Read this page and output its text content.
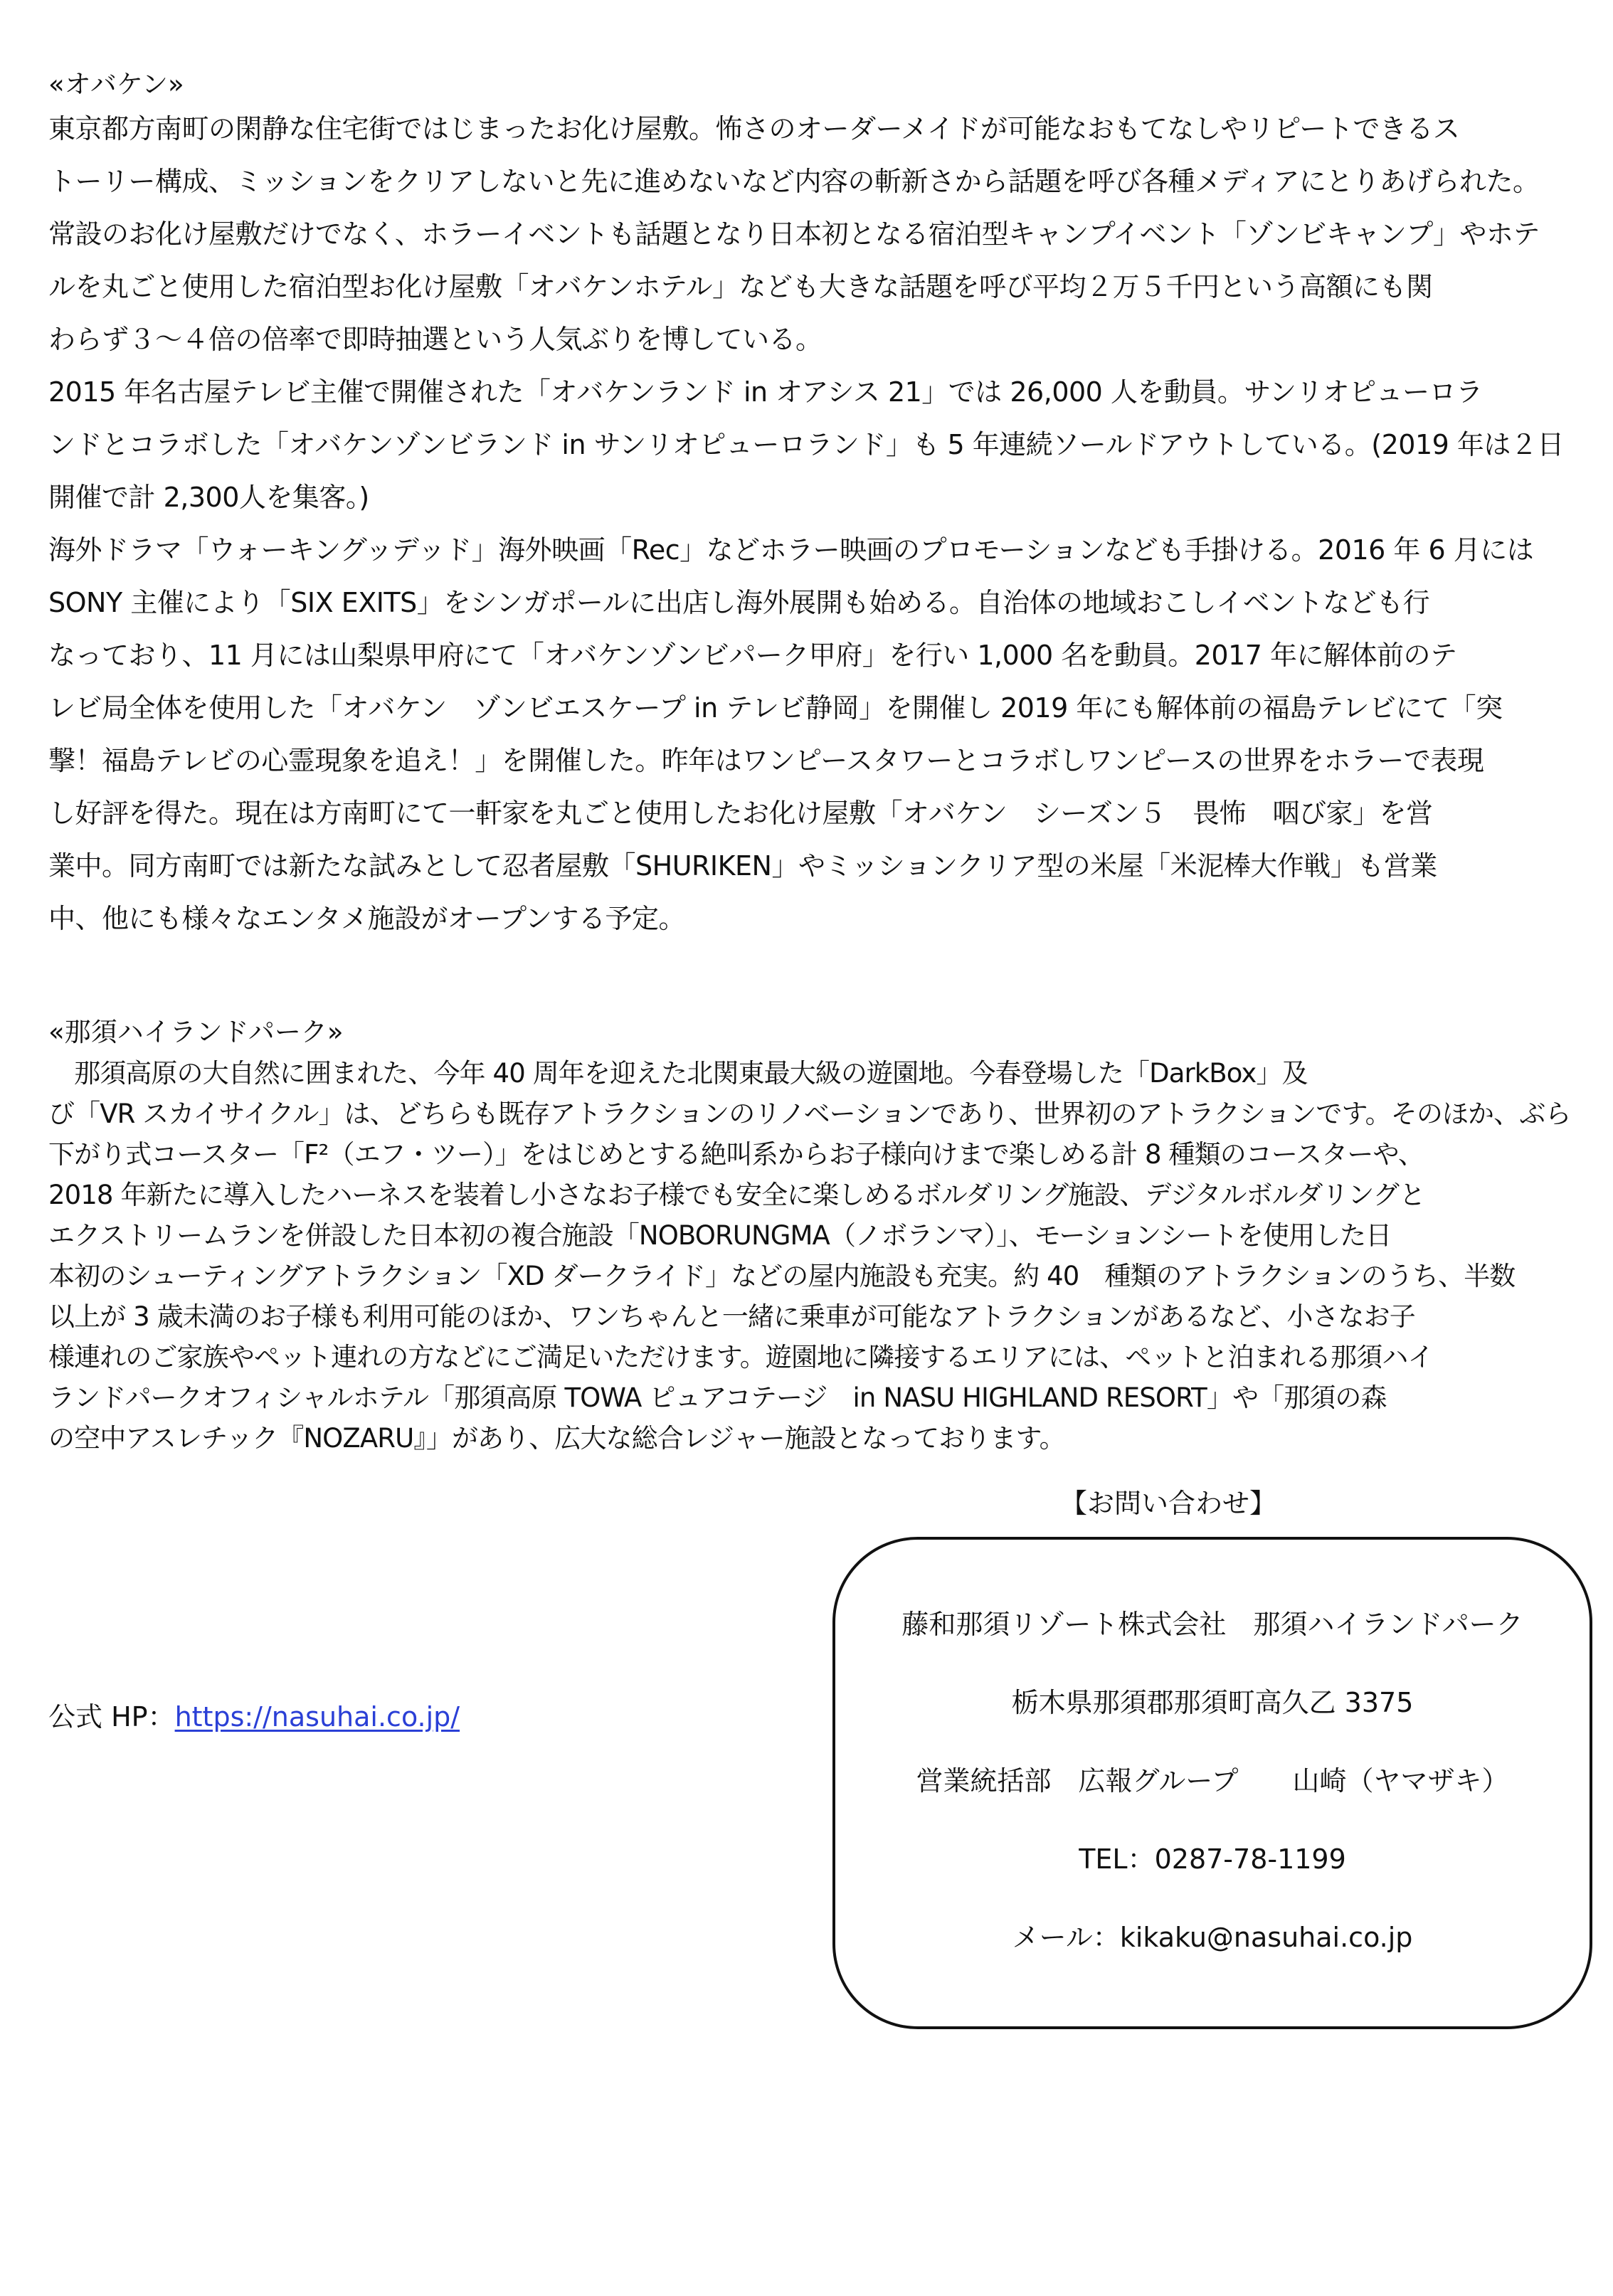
«オバケン»
東京都方南町の閑静な住宅街ではじまったお化け屋敷。怖さのオーダーメイドが可能なおもてなしやリピートできるス
トーリー構成、ミッションをクリアしないと先に進めないなど内容の斬新さから話題を呼び各種メディアにとりあげられた。
常設のお化け屋敷だけでなく、ホラーイベントも話題となり日本初となる宿泊型キャンプイベント「ゾンビキャンプ」やホテ
ルを丸ごと使用した宿泊型お化け屋敷「オバケンホテル」なども大きな話題を呼び平均２万５千円という高額にも関
わらず３～４倍の倍率で即時抽選という人気ぶりを博している。
2015 年名古屋テレビ主催で開催された「オバケンランド in オアシス 21」では 26,000 人を動員。サンリオピューロラ
ンドとコラボした「オバケンゾンビランド in サンリオピューロランド」も 5 年連続ソールドアウトしている。(2019 年は２日
開催で計 2,300人を集客。)
海外ドラマ「ウォーキングッデッド」海外映画「Rec」などホラー映画のプロモーションなども手掛ける。2016 年 6 月には
SONY 主催により「SIX EXITS」をシンガポールに出店し海外展開も始める。自治体の地域おこしイベントなども行
なっており、11 月には山梨県甲府にて「オバケンゾンビパーク甲府」を行い 1,000 名を動員。2017 年に解体前のテ
レビ局全体を使用した「オバケン　ゾンビエスケープ in テレビ静岡」を開催し 2019 年にも解体前の福島テレビにて「突
撃！福島テレビの心霊現象を追え！」を開催した。昨年はワンピースタワーとコラボしワンピースの世界をホラーで表現
し好評を得た。現在は方南町にて一軒家を丸ごと使用したお化け屋敷「オバケン　シーズン５　畏怖　咽び家」を営
業中。同方南町では新たな試みとして忍者屋敷「SHURIKEN」やミッションクリア型の米屋「米泥棒大作戦」も営業
中、他にも様々なエンタメ施設がオープンする予定。
«那須ハイランドパーク»
　那須高原の大自然に囲まれた、今年 40 周年を迎えた北関東最大級の遊園地。今春登場した「DarkBox」及
び「VR スカイサイクル」は、どちらも既存アトラクションのリノベーションであり、世界初のアトラクションです。そのほか、ぶら
下がり式コースター「F²（エフ・ツー）」をはじめとする絶叫系からお子様向けまで楽しめる計 8 種類のコースターや、
2018 年新たに導入したハーネスを装着し小さなお子様でも安全に楽しめるボルダリング施設、デジタルボルダリングと
エクストリームランを併設した日本初の複合施設「NOBORUNGMA（ノボランマ）」、モーションシートを使用した日
本初のシューティングアトラクション「XD ダークライド」などの屋内施設も充実。約 40　種類のアトラクションのうち、半数
以上が 3 歳未満のお子様も利用可能のほか、ワンちゃんと一緒に乗車が可能なアトラクションがあるなど、小さなお子
様連れのご家族やペット連れの方などにご満足いただけます。遊園地に隣接するエリアには、ペットと泊まれる那須ハイ
ランドパークオフィシャルホテル「那須高原 TOWA ピュアコテージ　in NASU HIGHLAND RESORT」や「那須の森
の空中アスレチック『NOZARU』」があり、広大な総合レジャー施設となっております。
【お問い合わせ】
公式 HP：https://nasuhai.co.jp/
藤和那須リゾート株式会社　那須ハイランドパーク
栃木県那須郡那須町高久乙 3375
営業統括部　広報グループ　　山崎（ヤマザキ）
TEL：0287-78-1199
メール：kikaku@nasuhai.co.jp
